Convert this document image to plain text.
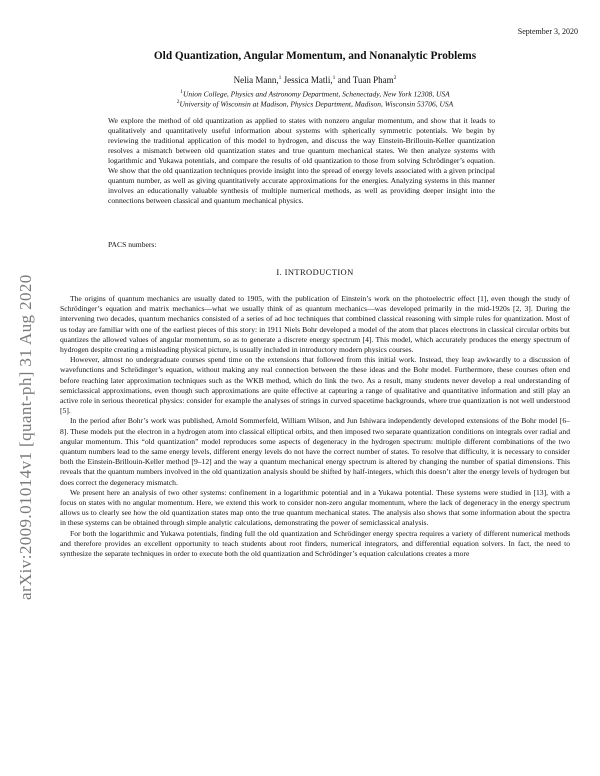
September 3, 2020
arXiv:2009.01014v1 [quant-ph] 31 Aug 2020
Old Quantization, Angular Momentum, and Nonanalytic Problems
Nelia Mann,$^1$ Jessica Matli,$^1$ and Tuan Pham$^2$
$^1$Union College, Physics and Astronomy Department, Schenectady, New York 12308, USA
$^2$University of Wisconsin at Madison, Physics Department, Madison, Wisconsin 53706, USA
We explore the method of old quantization as applied to states with nonzero angular momentum, and show that it leads to qualitatively and quantitatively useful information about systems with spherically symmetric potentials. We begin by reviewing the traditional application of this model to hydrogen, and discuss the way Einstein-Brillouin-Keller quantization resolves a mismatch between old quantization states and true quantum mechanical states. We then analyze systems with logarithmic and Yukawa potentials, and compare the results of old quantization to those from solving Schrödinger’s equation. We show that the old quantization techniques provide insight into the spread of energy levels associated with a given principal quantum number, as well as giving quantitatively accurate approximations for the energies. Analyzing systems in this manner involves an educationally valuable synthesis of multiple numerical methods, as well as providing deeper insight into the connections between classical and quantum mechanical physics.
PACS numbers:
I. INTRODUCTION

The origins of quantum mechanics are usually dated to 1905, with the publication of Einstein’s work on the photoelectric effect [1], even though the study of Schrödinger’s equation and matrix mechanics—what we usually think of as quantum mechanics—was developed primarily in the mid-1920s [2, 3]. During the intervening two decades, quantum mechanics consisted of a series of ad hoc techniques that combined classical reasoning with simple rules for quantization. Most of us today are familiar with one of the earliest pieces of this story: in 1911 Niels Bohr developed a model of the atom that places electrons in classical circular orbits but quantizes the allowed values of angular momentum, so as to generate a discrete energy spectrum [4]. This model, which accurately produces the energy spectrum of hydrogen despite creating a misleading physical picture, is usually included in introductory modern physics courses.

However, almost no undergraduate courses spend time on the extensions that followed from this initial work. Instead, they leap awkwardly to a discussion of wavefunctions and Schrödinger’s equation, without making any real connection between the these ideas and the Bohr model. Furthermore, these courses often end before reaching later approximation techniques such as the WKB method, which do link the two. As a result, many students never develop a real understanding of semiclassical approximations, even though such approximations are quite effective at capturing a range of qualitative and quantitative information and still play an active role in serious theoretical physics: consider for example the analyses of strings in curved spacetime backgrounds, where true quantization is not well understood [5].

In the period after Bohr’s work was published, Arnold Sommerfeld, William Wilson, and Jun Ishiwara independently developed extensions of the Bohr model [6–8]. These models put the electron in a hydrogen atom into classical elliptical orbits, and then imposed two separate quantization conditions on integrals over radial and angular momentum. This “old quantization” model reproduces some aspects of degeneracy in the hydrogen spectrum: multiple different combinations of the two quantum numbers lead to the same energy levels, different energy levels do not have the correct number of states. To resolve that difficulty, it is necessary to consider both the Einstein-Brillouin-Keller method [9–12] and the way a quantum mechanical energy spectrum is altered by changing the number of spatial dimensions. This reveals that the quantum numbers involved in the old quantization analysis should be shifted by half-integers, which this doesn’t alter the energy levels of hydrogen but does correct the degeneracy mismatch.

We present here an analysis of two other systems: confinement in a logarithmic potential and in a Yukawa potential. These systems were studied in [13], with a focus on states with no angular momentum. Here, we extend this work to consider non-zero angular momentum, where the lack of degeneracy in the energy spectrum allows us to clearly see how the old quantization states map onto the true quantum mechanical states. The analysis also shows that some information about the spectra in these systems can be obtained through simple analytic calculations, demonstrating the power of semiclassical analysis.

For both the logarithmic and Yukawa potentials, finding full the old quantization and Schrödinger energy spectra requires a variety of different numerical methods and therefore provides an excellent opportunity to teach students about root finders, numerical integrators, and differential equation solvers. In fact, the need to synthesize the separate techniques in order to execute both the old quantization and Schrödinger’s equation calculations creates a more
